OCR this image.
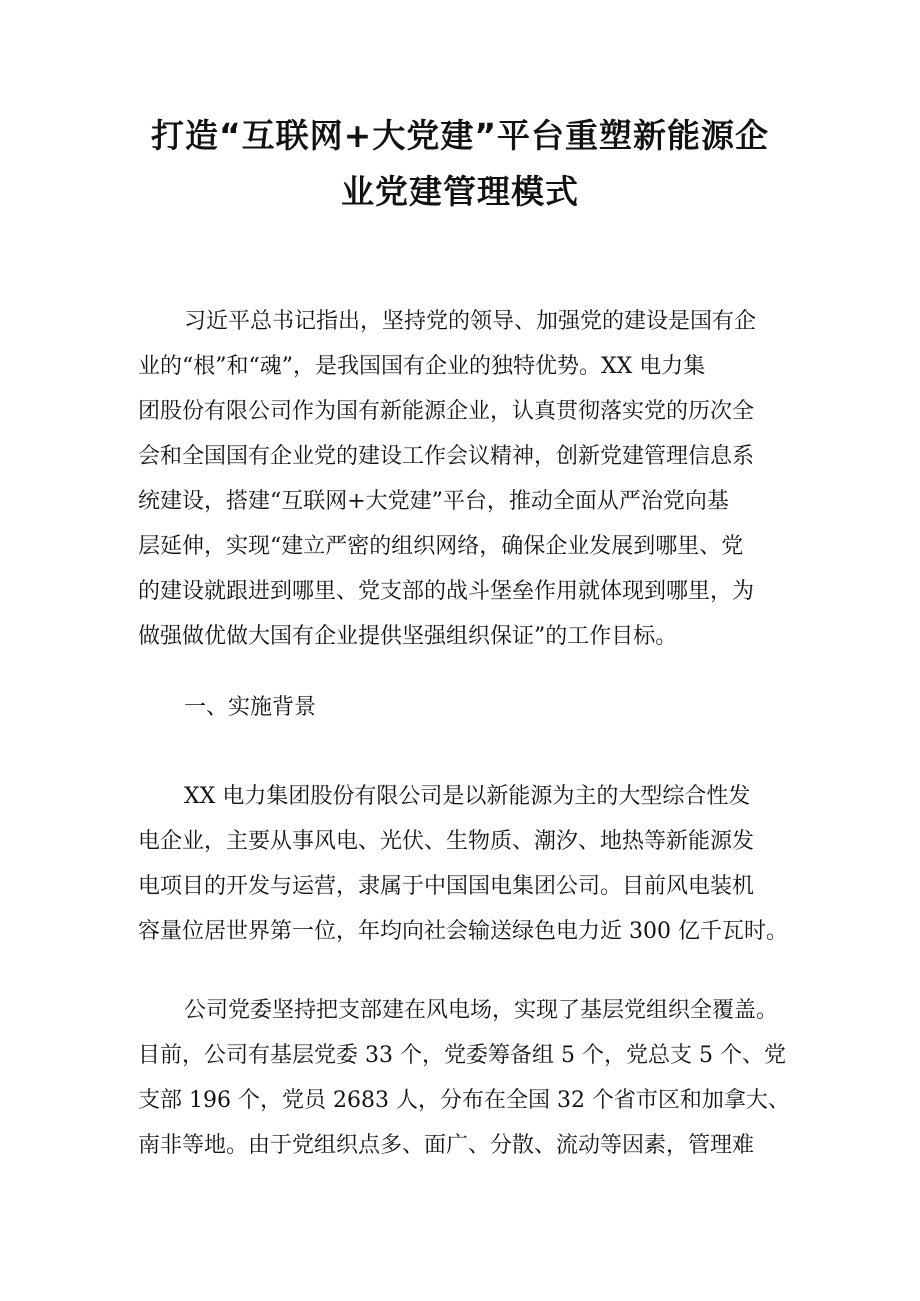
打造“互联网+大党建”平台重塑新能源企
业党建管理模式
习近平总书记指出，坚持党的领导、加强党的建设是国有企
业的“根”和“魂”，是我国国有企业的独特优势。XX 电力集
团股份有限公司作为国有新能源企业，认真贯彻落实党的历次全
会和全国国有企业党的建设工作会议精神，创新党建管理信息系
统建设，搭建“互联网+大党建”平台，推动全面从严治党向基
层延伸，实现“建立严密的组织网络，确保企业发展到哪里、党
的建设就跟进到哪里、党支部的战斗堡垒作用就体现到哪里，为
做强做优做大国有企业提供坚强组织保证”的工作目标。
一、实施背景
XX 电力集团股份有限公司是以新能源为主的大型综合性发
电企业，主要从事风电、光伏、生物质、潮汐、地热等新能源发
电项目的开发与运营，隶属于中国国电集团公司。目前风电装机
容量位居世界第一位，年均向社会输送绿色电力近 300 亿千瓦时。
公司党委坚持把支部建在风电场，实现了基层党组织全覆盖。
目前，公司有基层党委 33 个，党委筹备组 5 个，党总支 5 个、党
支部 196 个，党员 2683 人，分布在全国 32 个省市区和加拿大、
南非等地。由于党组织点多、面广、分散、流动等因素，管理难
